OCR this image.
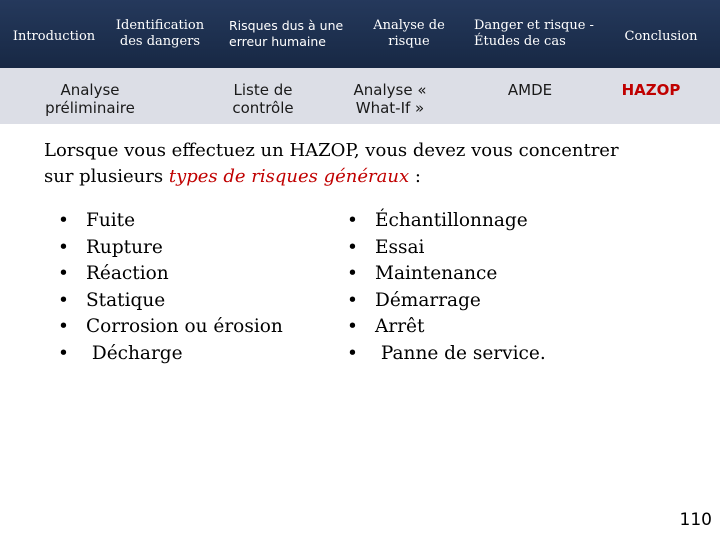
Introduction
Identification des dangers
Risques dus à une erreur humaine
Analyse de risque
Danger et risque - Études de cas	Conclusion
Analyse préliminaire
Liste de contrôle
Analyse « What-If »
AMDE	HAZOP

Lorsque vous effectuez un HAZOP, vous devez vous concentrer sur plusieurs types de risques généraux :

• Fuite
• Rupture
• Réaction
• Statique
• Corrosion ou érosion
• Décharge
• Échantillonnage
• Essai
• Maintenance
• Démarrage
• Arrêt
• Panne de service.
110
